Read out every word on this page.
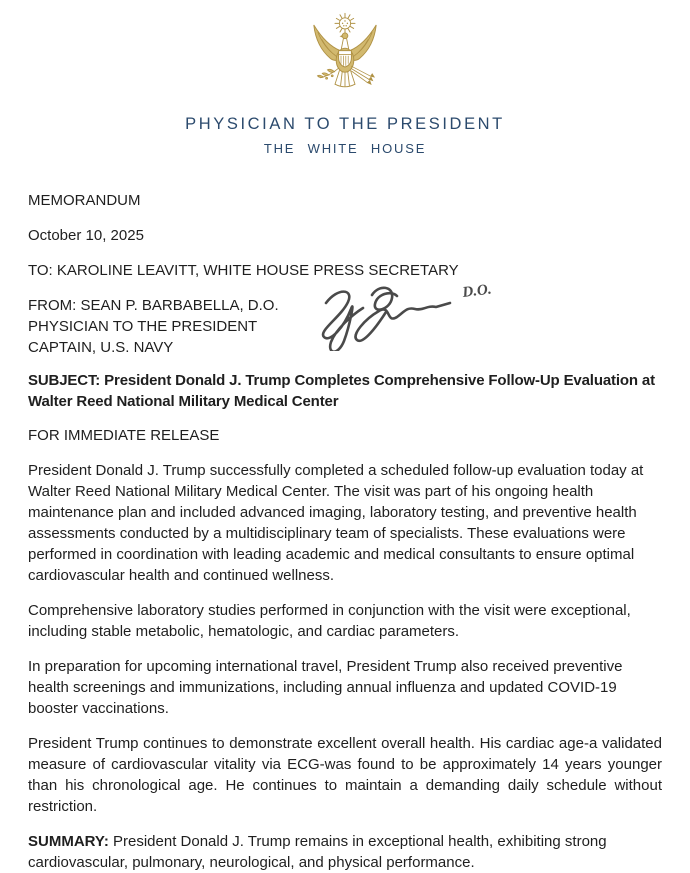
PHYSICIAN TO THE PRESIDENT
THE WHITE HOUSE

MEMORANDUM

October 10, 2025

TO: KAROLINE LEAVITT, WHITE HOUSE PRESS SECRETARY

FROM: SEAN P. BARBABELLA, D.O.

PHYSICIAN TO THE PRESIDENT

CAPTAIN, U.S. NAVY

D.O.

SUBJECT: President Donald J. Trump Completes Comprehensive Follow-Up Evaluation at Walter Reed National Military Medical Center

FOR IMMEDIATE RELEASE

President Donald J. Trump successfully completed a scheduled follow-up evaluation today at Walter Reed National Military Medical Center. The visit was part of his ongoing health maintenance plan and included advanced imaging, laboratory testing, and preventive health assessments conducted by a multidisciplinary team of specialists. These evaluations were performed in coordination with leading academic and medical consultants to ensure optimal cardiovascular health and continued wellness.

Comprehensive laboratory studies performed in conjunction with the visit were exceptional, including stable metabolic, hematologic, and cardiac parameters.

In preparation for upcoming international travel, President Trump also received preventive health screenings and immunizations, including annual influenza and updated COVID-19 booster vaccinations.

President Trump continues to demonstrate excellent overall health. His cardiac age-a validated measure of cardiovascular vitality via ECG-was found to be approximately 14 years younger than his chronological age. He continues to maintain a demanding daily schedule without restriction.

SUMMARY: President Donald J. Trump remains in exceptional health, exhibiting strong cardiovascular, pulmonary, neurological, and physical performance.
